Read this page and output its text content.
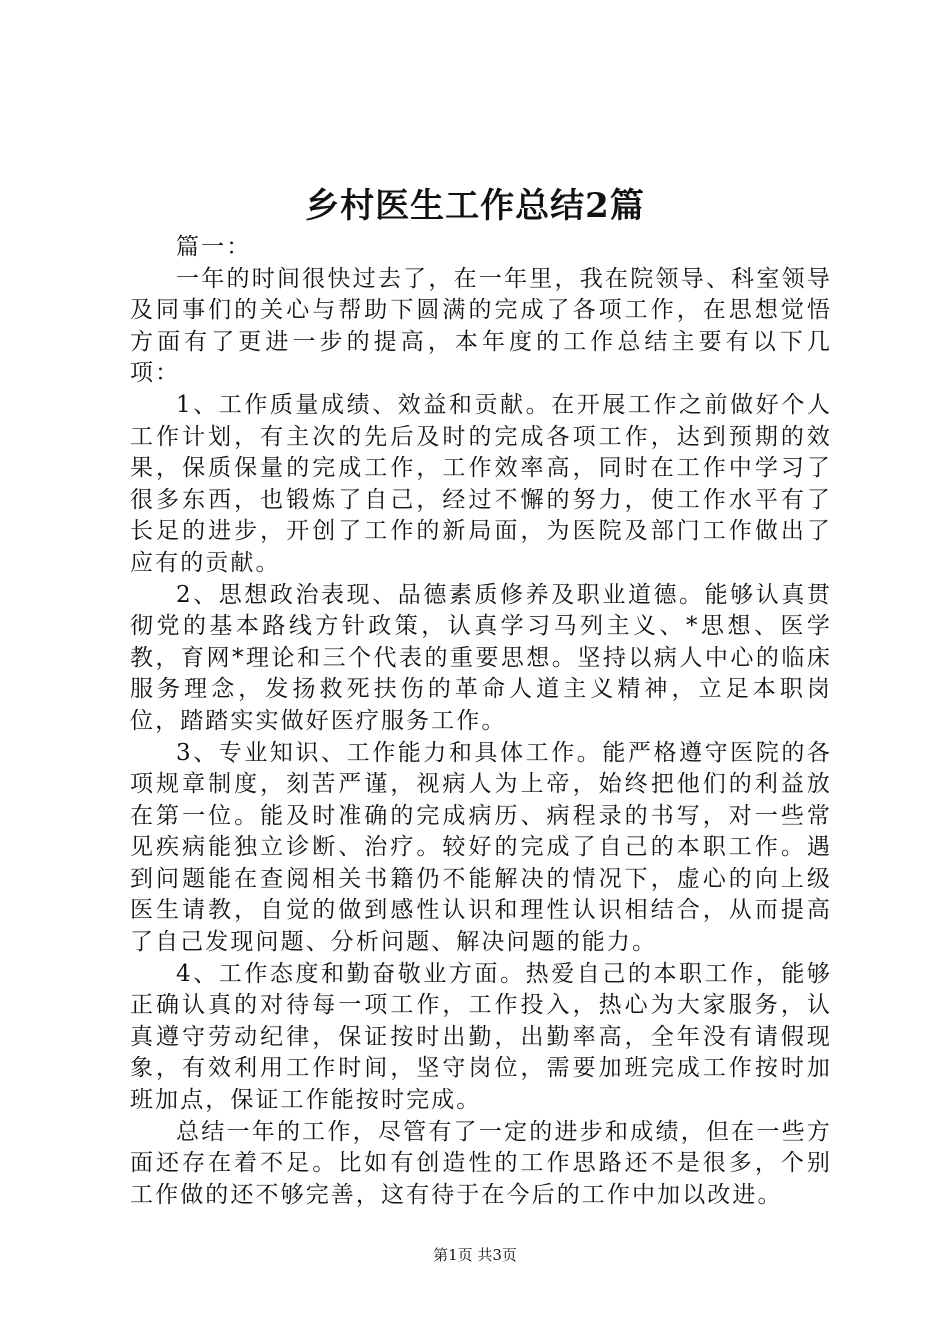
乡村医生工作总结2篇

篇一：

一年的时间很快过去了，在一年里，我在院领导、科室领导及同事们的关心与帮助下圆满的完成了各项工作，在思想觉悟方面有了更进一步的提高，本年度的工作总结主要有以下几项：

1、工作质量成绩、效益和贡献。在开展工作之前做好个人工作计划，有主次的先后及时的完成各项工作，达到预期的效果，保质保量的完成工作，工作效率高，同时在工作中学习了很多东西，也锻炼了自己，经过不懈的努力，使工作水平有了长足的进步，开创了工作的新局面，为医院及部门工作做出了应有的贡献。

2、思想政治表现、品德素质修养及职业道德。能够认真贯彻党的基本路线方针政策，认真学习马列主义、*思想、医学教，育网*理论和三个代表的重要思想。坚持以病人中心的临床服务理念，发扬救死扶伤的革命人道主义精神，立足本职岗位，踏踏实实做好医疗服务工作。

3、专业知识、工作能力和具体工作。能严格遵守医院的各项规章制度，刻苦严谨，视病人为上帝，始终把他们的利益放在第一位。能及时准确的完成病历、病程录的书写，对一些常见疾病能独立诊断、治疗。较好的完成了自己的本职工作。遇到问题能在查阅相关书籍仍不能解决的情况下，虚心的向上级医生请教，自觉的做到感性认识和理性认识相结合，从而提高了自己发现问题、分析问题、解决问题的能力。

4、工作态度和勤奋敬业方面。热爱自己的本职工作，能够正确认真的对待每一项工作，工作投入，热心为大家服务，认真遵守劳动纪律，保证按时出勤，出勤率高，全年没有请假现象，有效利用工作时间，坚守岗位，需要加班完成工作按时加班加点，保证工作能按时完成。

总结一年的工作，尽管有了一定的进步和成绩，但在一些方面还存在着不足。比如有创造性的工作思路还不是很多，个别工作做的还不够完善，这有待于在今后的工作中加以改进。

第1页 共3页
